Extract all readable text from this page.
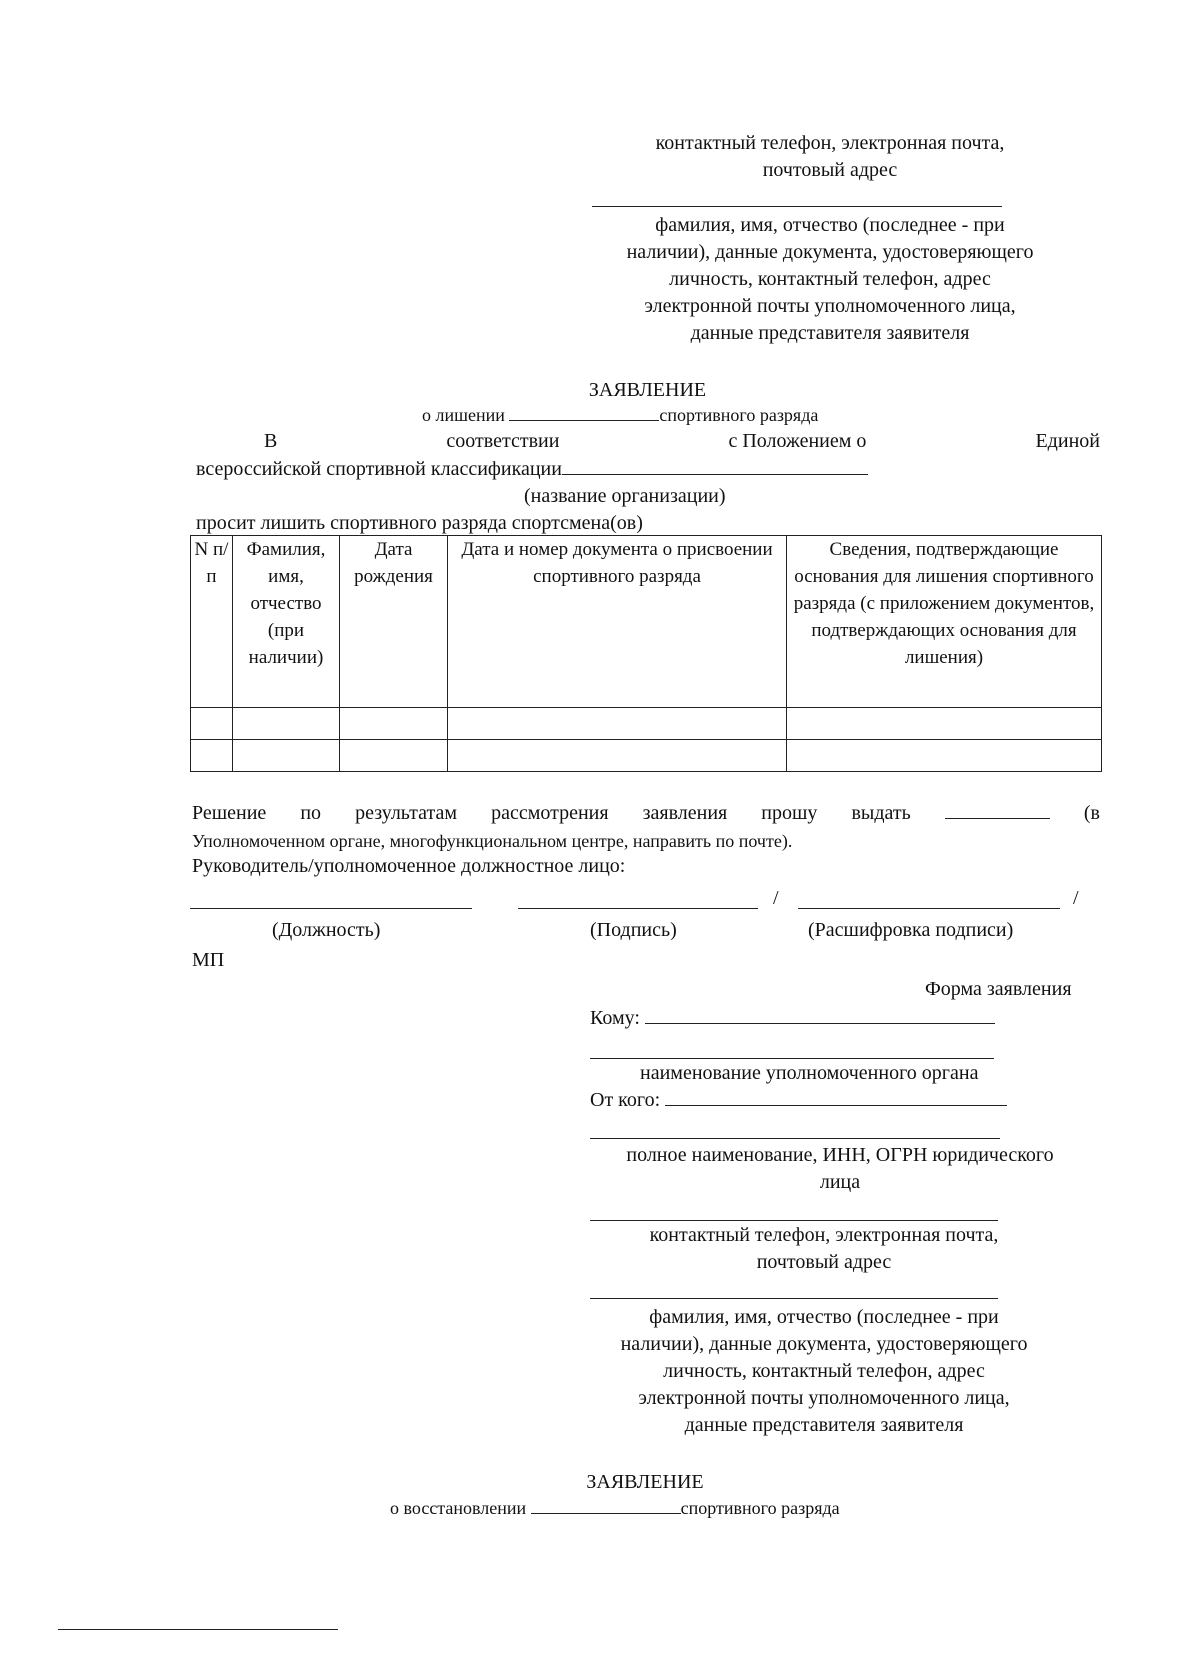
контактный телефон, электронная почта,
почтовый адрес
фамилия, имя, отчество (последнее - при
наличии), данные документа, удостоверяющего
личность, контактный телефон, адрес
электронной почты уполномоченного лица,
данные представителя заявителя
ЗАЯВЛЕНИЕ
о лишении	спортивного разряда
В	соответствии	с Положением о	Единой
всероссийской спортивной классификации
(название организации)
просит лишить спортивного разряда спортсмена(ов)
N п/п	Фамилия, имя, отчество (при наличии)	Дата рождения	Дата и номер документа о присвоении спортивного разряда	Сведения, подтверждающие основания для лишения спортивного разряда (с приложением документов, подтверждающих основания для лишения)

Решение по результатам рассмотрения заявления прошу выдать	(в
Уполномоченном органе, многофункциональном центре, направить по почте).
Руководитель/уполномоченное должностное лицо:
/	/
(Должность)	(Подпись)	(Расшифровка подписи)
МП
Форма заявления
Кому:
наименование уполномоченного органа
От кого:
полное наименование, ИНН, ОГРН юридического
лица
контактный телефон, электронная почта,
почтовый адрес
фамилия, имя, отчество (последнее - при
наличии), данные документа, удостоверяющего
личность, контактный телефон, адрес
электронной почты уполномоченного лица,
данные представителя заявителя
ЗАЯВЛЕНИЕ
о восстановлении	спортивного разряда
